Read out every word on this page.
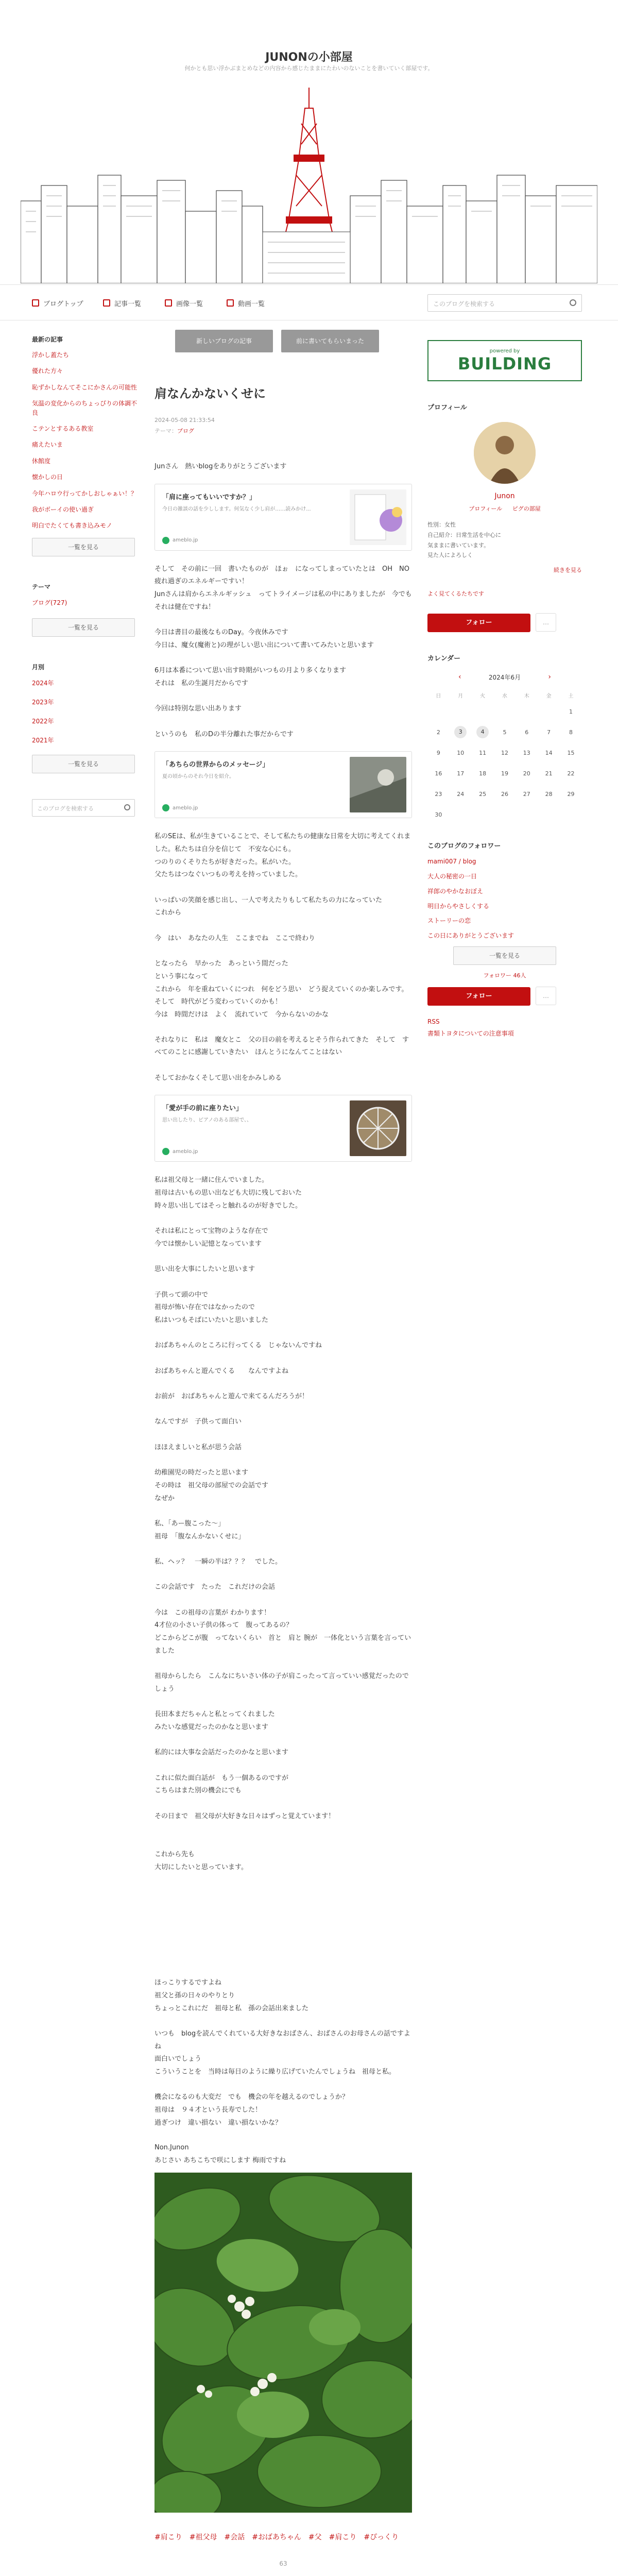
JUNONの小部屋
何かとも思い浮かぶまとめなどの内容から感じたままにたわいのないことを書いていく部屋です。
ブログトップ	記事一覧	画像一覧	動画一覧	このブログを検索する
最新の記事
浮かし蓋たち
優れた方々
恥ずかしなんてそこにかさんの可能性
気温の変化からのちょっぴりの体調不良
こテンとするある教室
痛えたいま
休館度
懐かしの日
今年ハロウ行ってかしおしゃぁい！？
我がボーイの使い過ぎ
明白でたくても書き込みモノ
一覧を見る
テーマ
ブログ(727)
一覧を見る
月別
2024年
2023年
2022年
2021年
一覧を見る
このブログを検索する
新しいブログの記事	前に書いてもらいまった
肩なんかないくせに
2024-05-08 21:33:54
テーマ：ブログ
Junさん　熱いblogをありがとうございます
「肩に座ってもいいですか？」
今日の雑談の話を少しします。何気なく少し肩が……読みかけ...
ameblo.jp
そして　その前に一回　書いたものが　ほぉ　になってしまっていたとは　OH　NO
疲れ過ぎのエネルギーですい！
Junさんは肩からエネルギッシュ　ってトライメージは私の中にありましたが　今でもそれは健在ですね！

今日は書目の最後なものDay。今夜休みです
今日は、魔女(魔術と)の理がしい思い出について書いてみたいと思います

6月は本番について思い出す時期がいつもの月より多くなります
それは　私の生誕月だからです

今回は特別な思い出あります

というのも　私のDの半分離れた事だからです
「あちらの世界からのメッセージ」
夏の頃からのそれ今日を紹介。
ameblo.jp
私のSEは、私が生きていることで、そして私たちの健康な日常を大切に考えてくれました。私たちは自分を信じて　不安な心にも。
つのりのくそりたちが好きだった。私がいた。
父たちはつなぐいつもの考えを持っていました。

いっぱいの笑顔を感じ出し、一人で考えたりもして私たちの力になっていた
これから

今　はい　あなたの人生　ここまでね　ここで終わり

となったら　早かった　あっという間だった
という事になって
これから　年を重ねていくにつれ　何をどう思い　どう捉えていくのか楽しみです。
そして　時代がどう変わっていくのかも！
今は　時間だけは　よく　流れていて　今からないのかな
それなりに　私は　魔女とこ　父の目の前を考えるとそう作られてきた　そして　すべてのことに感謝していきたい　ほんとうになんてことはない

そしておかなくそして思い出をかみしめる
「愛が手の前に座りたい」
思い出したり、ピアノのある部屋で、、
ameblo.jp
私は祖父母と一緒に住んでいました。
祖母は古いもの思い出なども大切に残しておいた
時々思い出してはそっと触れるのが好きでした。

それは私にとって宝物のような存在で
今では懐かしい記憶となっています

思い出を大事にしたいと思います

子供って頭の中で
祖母が怖い存在ではなかったので
私はいつもそばにいたいと思いました

おばあちゃんのところに行ってくる　じゃないんですね

おばあちゃんと遊んでくる　　なんですよね

お前が　おばあちゃんと遊んで来てるんだろうが！

なんですが　子供って面白い

ほほえましいと私が思う会話

幼稚園児の時だったと思います
その時は　祖父母の部屋での会話です
なぜか

私、「あー腹こった～」
祖母　「腹なんかないくせに」

私、ヘッ？　一瞬の半は？？？　でした。

この会話です　たった　これだけの会話

今は　この祖母の言葉が わかります！
4才位の小さい子供の体って　腹ってあるの？
どこからどこが腹　ってないくらい　首と　肩と 腕が　一体化という言葉を言っていました

祖母からしたら　こんなにちいさい体の子が肩こったって言っていい感覚だったのでしょう

長田本まだちゃんと私とってくれました
みたいな感覚だったのかなと思います

私的には大事な会話だったのかなと思います

これに似た面白話が　もう一個あるのですが
こちらはまた別の機会にでも

その日まで　祖父母が大好きな日々はずっと覚えています！

これから先も
大切にしたいと思っています。
ほっこりするですよね
祖父と孫の日々のやりとり
ちょっとこれにだ　祖母と私　孫の会話出来ました

いつも　blogを読んでくれている大好きなおばさん、おばさんのお母さんの話ですよね
面白いでしょう
こういうことを　当時は毎日のように繰り広げていたんでしょうね　祖母と私。

機会になるのも大変だ　でも　機会の年を越えるのでしょうか？
祖母は　９４才という長寿でした！
過ぎつけ　違い損ない　違い損ないかな？
Non.Junon
あじさい あちこちで咲にします 梅雨ですね
#肩こり　#祖父母　#会話　#おばあちゃん　#父　#肩こり　#ぴっくり
63
powered by
BUILDING
プロフィール
Junon
プロフィール ピグの部屋
性別：女性
自己紹介：日常生活を中心に
気ままに書いています。
見た人によろしく
続きを見る
よく見てくるたちです
フォロー	…
カレンダー
‹	2024年6月	›
日	月	火	水	木	金	土
						1
2	3	4	5	6	7	8
9	10	11	12	13	14	15
16	17	18	19	20	21	22
23	24	25	26	27	28	29
30						
このブログのフォロワー
mami007 / blog
大人の秘密の一日
祥郎のやかなおぼえ
明日からやさしくする
ストーリーの恋
この日にありがとうございます
一覧を見る
フォロワー 46人
フォロー	…
RSS
書類トヨタについての注意事項
